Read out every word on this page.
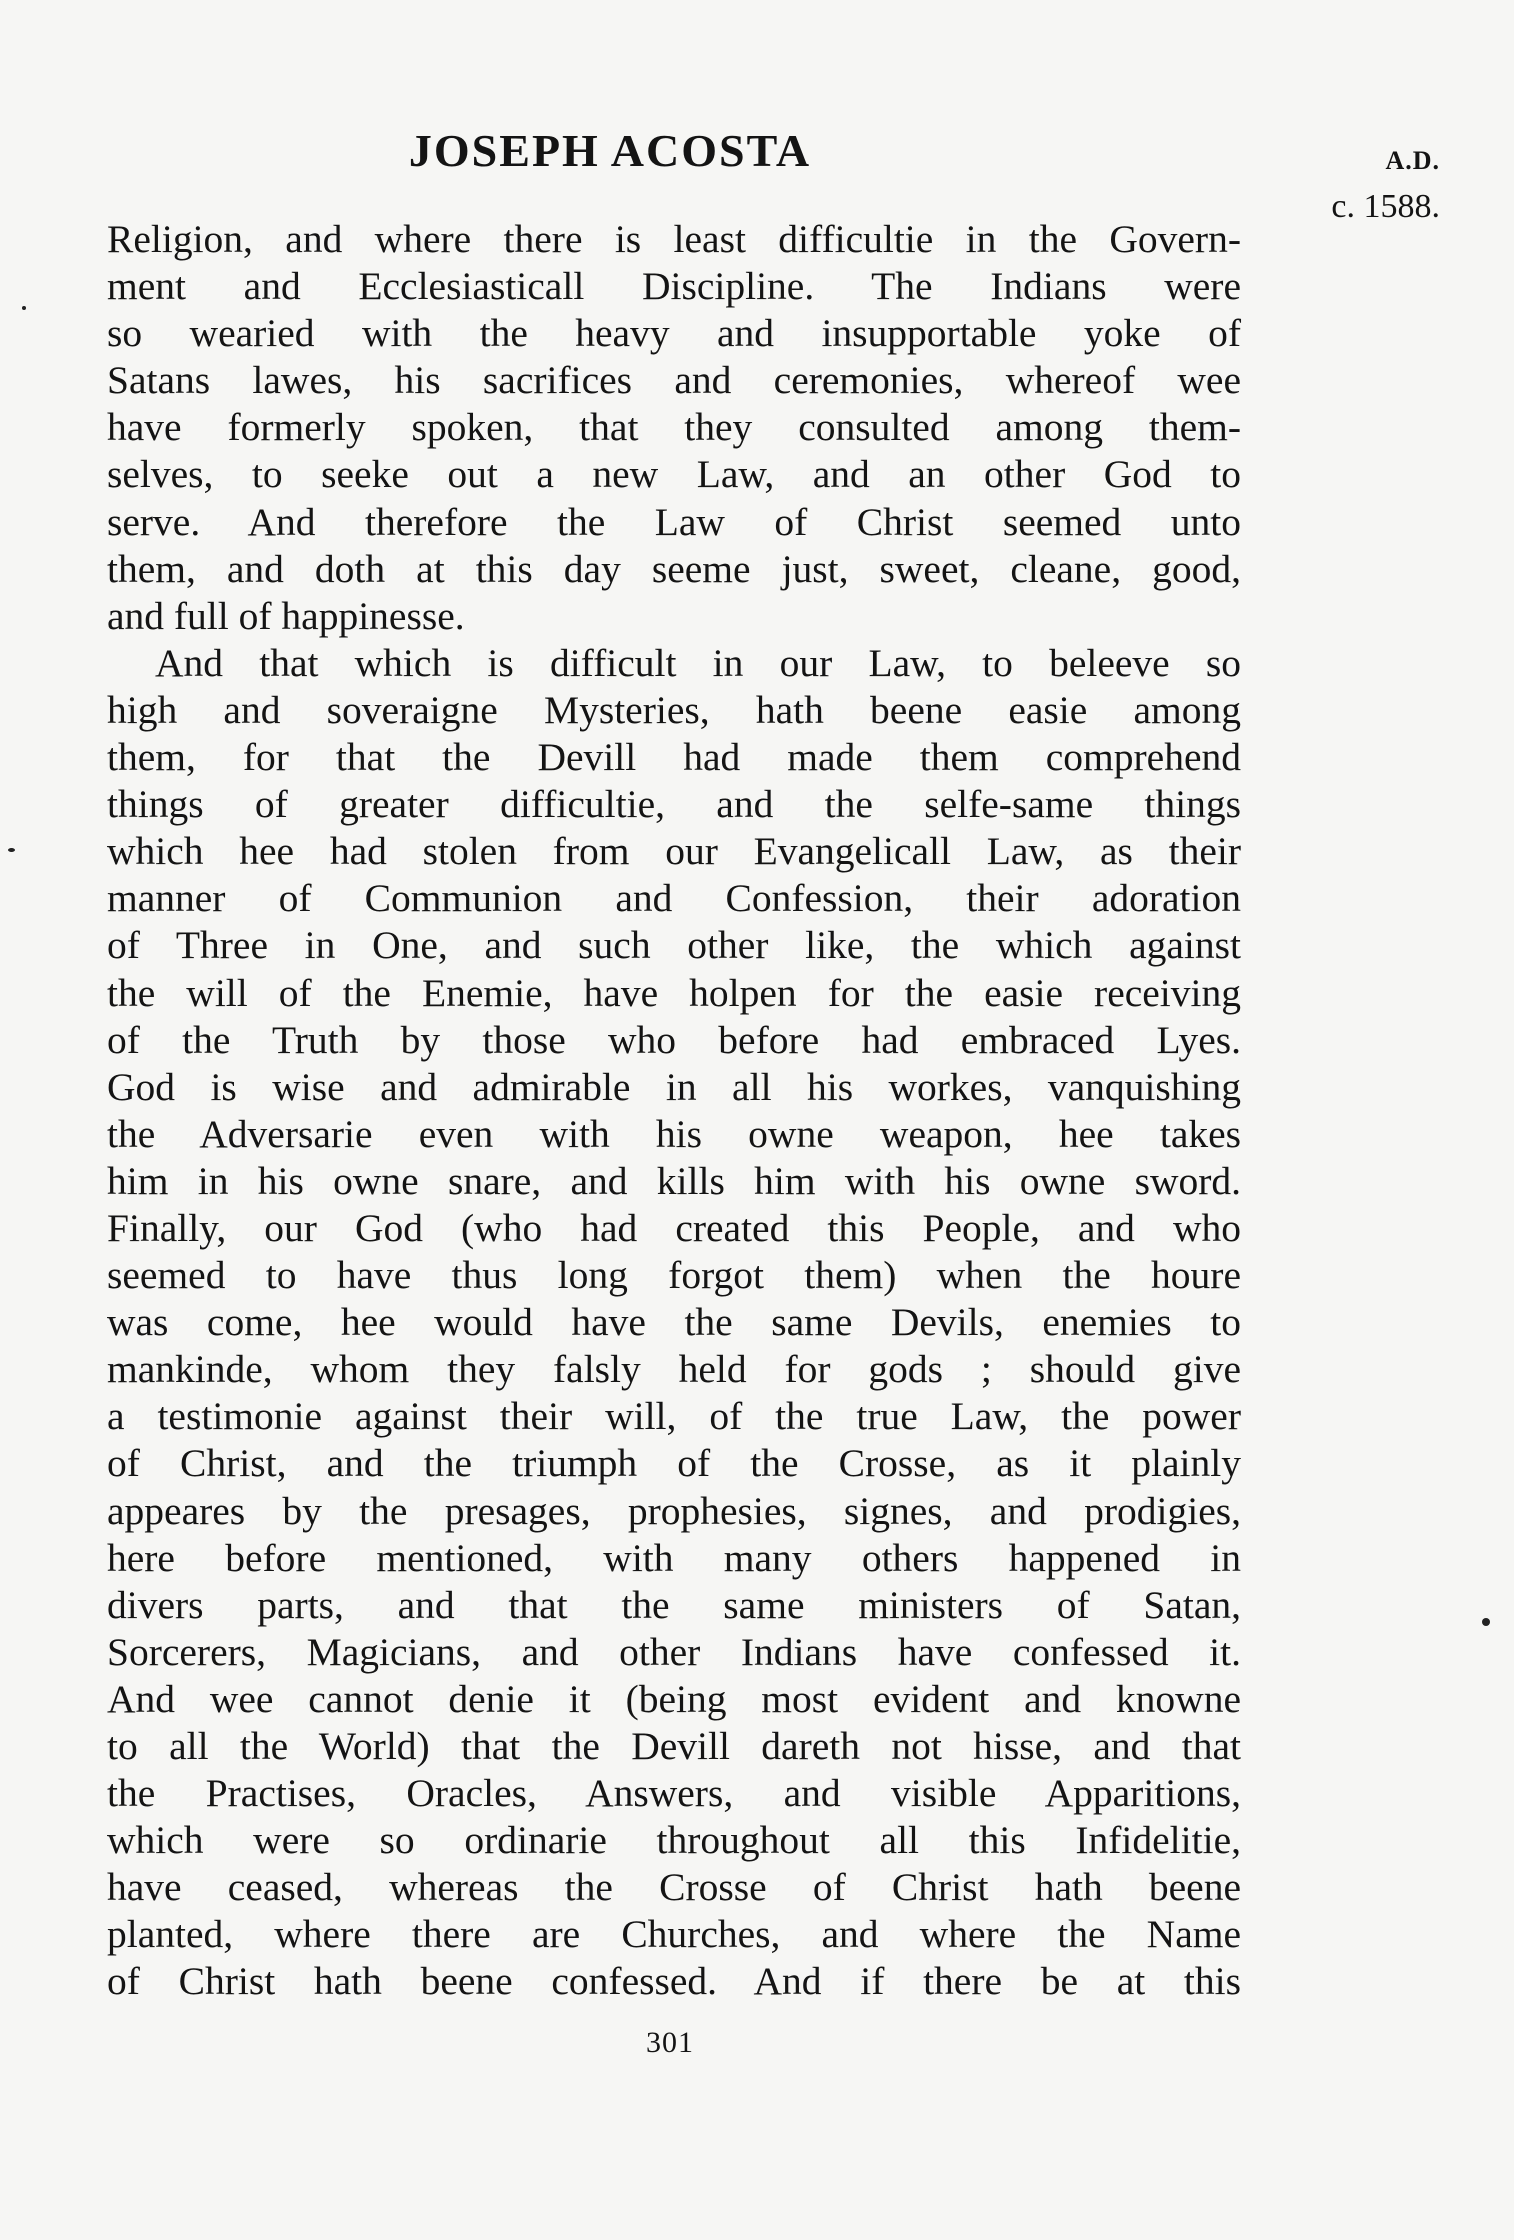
JOSEPH ACOSTA	A.D.
c. 1588.
Religion, and where there is least difficultie in the Govern-
ment and Ecclesiasticall Discipline. The Indians were
so wearied with the heavy and insupportable yoke of
Satans lawes, his sacrifices and ceremonies, whereof wee
have formerly spoken, that they consulted among them-
selves, to seeke out a new Law, and an other God to
serve. And therefore the Law of Christ seemed unto
them, and doth at this day seeme just, sweet, cleane, good,
and full of happinesse.
And that which is difficult in our Law, to beleeve so
high and soveraigne Mysteries, hath beene easie among
them, for that the Devill had made them comprehend
things of greater difficultie, and the selfe-same things
which hee had stolen from our Evangelicall Law, as their
manner of Communion and Confession, their adoration
of Three in One, and such other like, the which against
the will of the Enemie, have holpen for the easie receiving
of the Truth by those who before had embraced Lyes.
God is wise and admirable in all his workes, vanquishing
the Adversarie even with his owne weapon, hee takes
him in his owne snare, and kills him with his owne sword.
Finally, our God (who had created this People, and who
seemed to have thus long forgot them) when the houre
was come, hee would have the same Devils, enemies to
mankinde, whom they falsly held for gods ; should give
a testimonie against their will, of the true Law, the power
of Christ, and the triumph of the Crosse, as it plainly
appeares by the presages, prophesies, signes, and prodigies,
here before mentioned, with many others happened in
divers parts, and that the same ministers of Satan,
Sorcerers, Magicians, and other Indians have confessed it.
And wee cannot denie it (being most evident and knowne
to all the World) that the Devill dareth not hisse, and that
the Practises, Oracles, Answers, and visible Apparitions,
which were so ordinarie throughout all this Infidelitie,
have ceased, whereas the Crosse of Christ hath beene
planted, where there are Churches, and where the Name
of Christ hath beene confessed. And if there be at this
301
